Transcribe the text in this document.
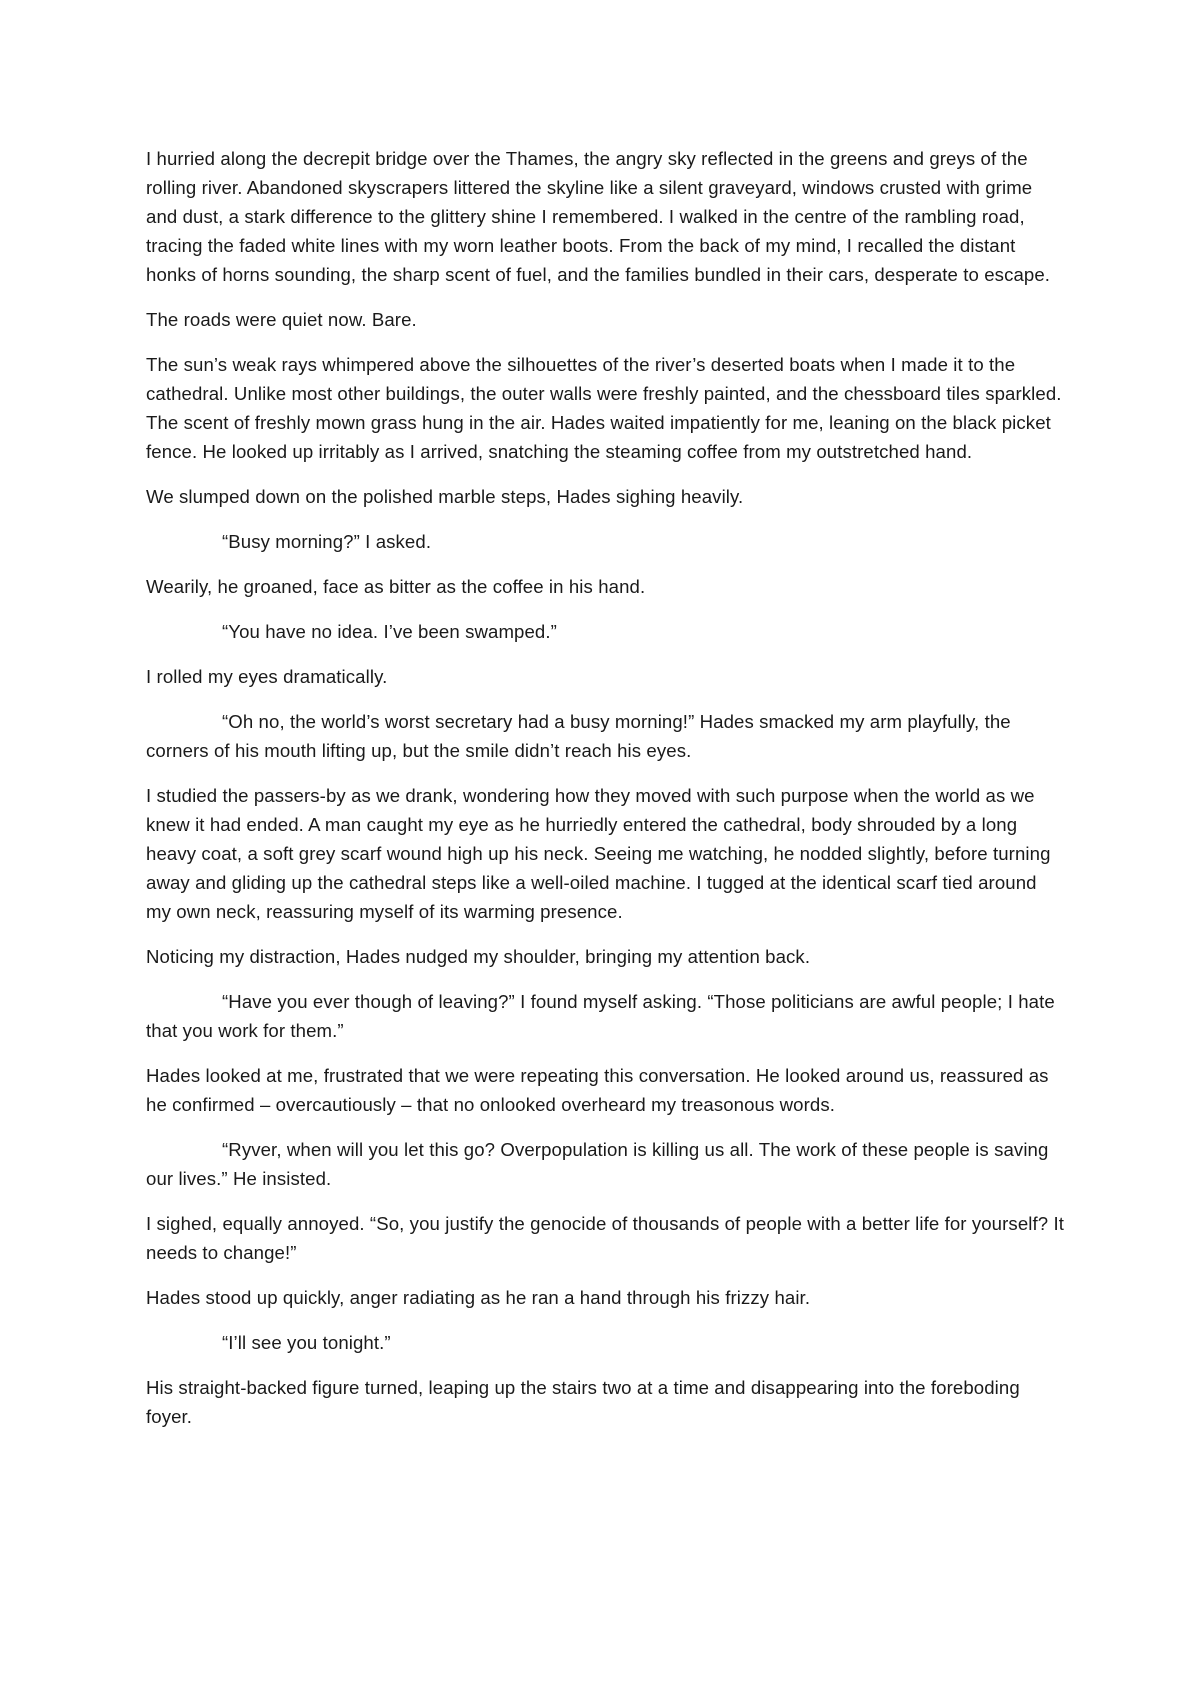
I hurried along the decrepit bridge over the Thames, the angry sky reflected in the greens and greys of the rolling river. Abandoned skyscrapers littered the skyline like a silent graveyard, windows crusted with grime and dust, a stark difference to the glittery shine I remembered. I walked in the centre of the rambling road, tracing the faded white lines with my worn leather boots. From the back of my mind, I recalled the distant honks of horns sounding, the sharp scent of fuel, and the families bundled in their cars, desperate to escape.

The roads were quiet now. Bare.

The sun’s weak rays whimpered above the silhouettes of the river’s deserted boats when I made it to the cathedral. Unlike most other buildings, the outer walls were freshly painted, and the chessboard tiles sparkled. The scent of freshly mown grass hung in the air. Hades waited impatiently for me, leaning on the black picket fence. He looked up irritably as I arrived, snatching the steaming coffee from my outstretched hand.

We slumped down on the polished marble steps, Hades sighing heavily.

“Busy morning?” I asked.

Wearily, he groaned, face as bitter as the coffee in his hand.

“You have no idea. I’ve been swamped.”

I rolled my eyes dramatically.

“Oh no, the world’s worst secretary had a busy morning!” Hades smacked my arm playfully, the corners of his mouth lifting up, but the smile didn’t reach his eyes.

I studied the passers-by as we drank, wondering how they moved with such purpose when the world as we knew it had ended. A man caught my eye as he hurriedly entered the cathedral, body shrouded by a long heavy coat, a soft grey scarf wound high up his neck. Seeing me watching, he nodded slightly, before turning away and gliding up the cathedral steps like a well-oiled machine. I tugged at the identical scarf tied around my own neck, reassuring myself of its warming presence.

Noticing my distraction, Hades nudged my shoulder, bringing my attention back.

“Have you ever though of leaving?” I found myself asking. “Those politicians are awful people; I hate that you work for them.”

Hades looked at me, frustrated that we were repeating this conversation. He looked around us, reassured as he confirmed – overcautiously – that no onlooked overheard my treasonous words.

“Ryver, when will you let this go? Overpopulation is killing us all. The work of these people is saving our lives.” He insisted.

I sighed, equally annoyed. “So, you justify the genocide of thousands of people with a better life for yourself? It needs to change!”

Hades stood up quickly, anger radiating as he ran a hand through his frizzy hair.

“I’ll see you tonight.”

His straight-backed figure turned, leaping up the stairs two at a time and disappearing into the foreboding foyer.
